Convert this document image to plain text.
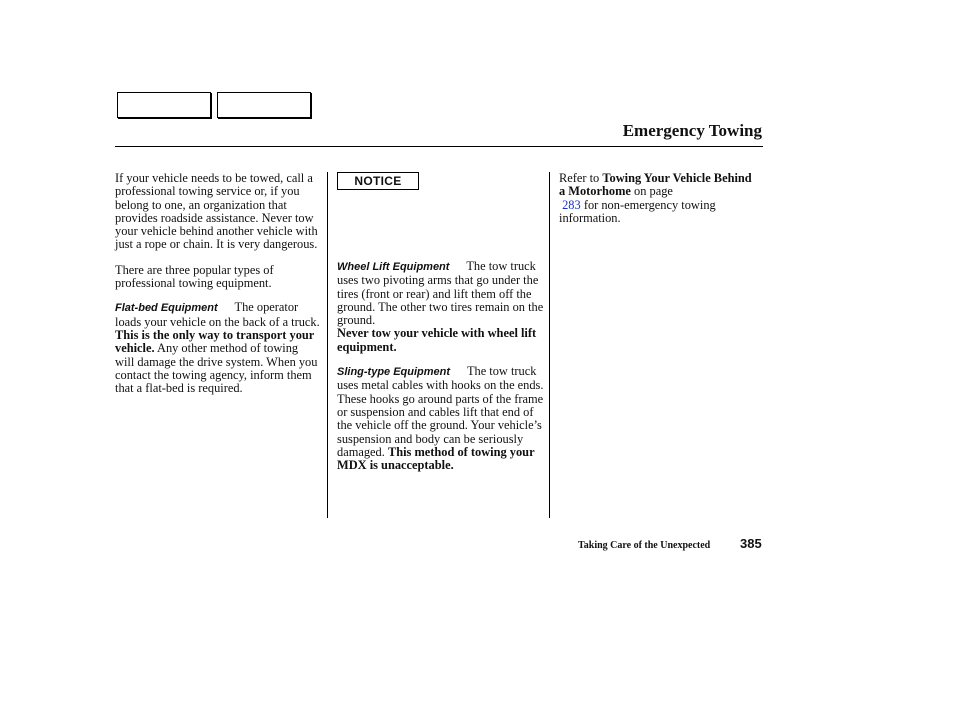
Emergency Towing

If your vehicle needs to be towed, call a professional towing service or, if you belong to one, an organization that provides roadside assistance. Never tow your vehicle behind another vehicle with just a rope or chain. It is very dangerous.

There are three popular types of professional towing equipment.

Flat-bed Equipment The operator loads your vehicle on the back of a truck. This is the only way to transport your vehicle. Any other method of towing will damage the drive system. When you contact the towing agency, inform them that a flat-bed is required.

NOTICE

Wheel Lift Equipment The tow truck uses two pivoting arms that go under the tires (front or rear) and lift them off the ground. The other two tires remain on the ground.

Never tow your vehicle with wheel lift equipment.

Sling-type Equipment The tow truck uses metal cables with hooks on the ends. These hooks go around parts of the frame or suspension and cables lift that end of the vehicle off the ground. Your vehicle’s suspension and body can be seriously damaged. This method of towing your MDX is unacceptable.

Refer to Towing Your Vehicle Behind a Motorhome on page
283 for non-emergency towing information.

Taking Care of the Unexpected 385
